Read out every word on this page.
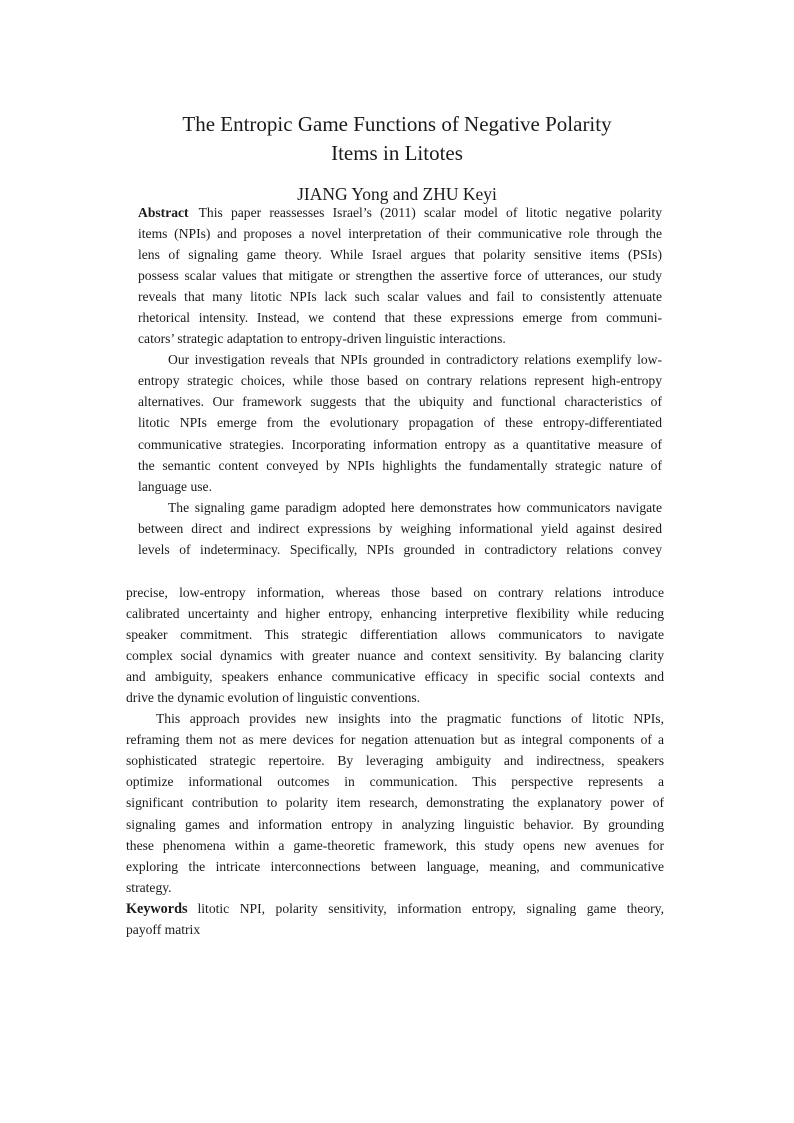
The Entropic Game Functions of Negative Polarity
Items in Litotes
JIANG Yong and ZHU Keyi
Abstract This paper reassesses Israel’s (2011) scalar model of litotic negative polarity
items (NPIs) and proposes a novel interpretation of their communicative role through the
lens of signaling game theory. While Israel argues that polarity sensitive items (PSIs)
possess scalar values that mitigate or strengthen the assertive force of utterances, our study
reveals that many litotic NPIs lack such scalar values and fail to consistently attenuate
rhetorical intensity. Instead, we contend that these expressions emerge from communi-
cators’ strategic adaptation to entropy-driven linguistic interactions.
Our investigation reveals that NPIs grounded in contradictory relations exemplify low-
entropy strategic choices, while those based on contrary relations represent high-entropy
alternatives. Our framework suggests that the ubiquity and functional characteristics of
litotic NPIs emerge from the evolutionary propagation of these entropy-differentiated
communicative strategies. Incorporating information entropy as a quantitative measure of
the semantic content conveyed by NPIs highlights the fundamentally strategic nature of
language use.
The signaling game paradigm adopted here demonstrates how communicators navigate
between direct and indirect expressions by weighing informational yield against desired
levels of indeterminacy. Specifically, NPIs grounded in contradictory relations convey
precise, low-entropy information, whereas those based on contrary relations introduce
calibrated uncertainty and higher entropy, enhancing interpretive flexibility while reducing
speaker commitment. This strategic differentiation allows communicators to navigate
complex social dynamics with greater nuance and context sensitivity. By balancing clarity
and ambiguity, speakers enhance communicative efficacy in specific social contexts and
drive the dynamic evolution of linguistic conventions.
This approach provides new insights into the pragmatic functions of litotic NPIs,
reframing them not as mere devices for negation attenuation but as integral components of a
sophisticated strategic repertoire. By leveraging ambiguity and indirectness, speakers
optimize informational outcomes in communication. This perspective represents a
significant contribution to polarity item research, demonstrating the explanatory power of
signaling games and information entropy in analyzing linguistic behavior. By grounding
these phenomena within a game-theoretic framework, this study opens new avenues for
exploring the intricate interconnections between language, meaning, and communicative
strategy.
Keywords litotic NPI, polarity sensitivity, information entropy, signaling game theory,
payoff matrix
